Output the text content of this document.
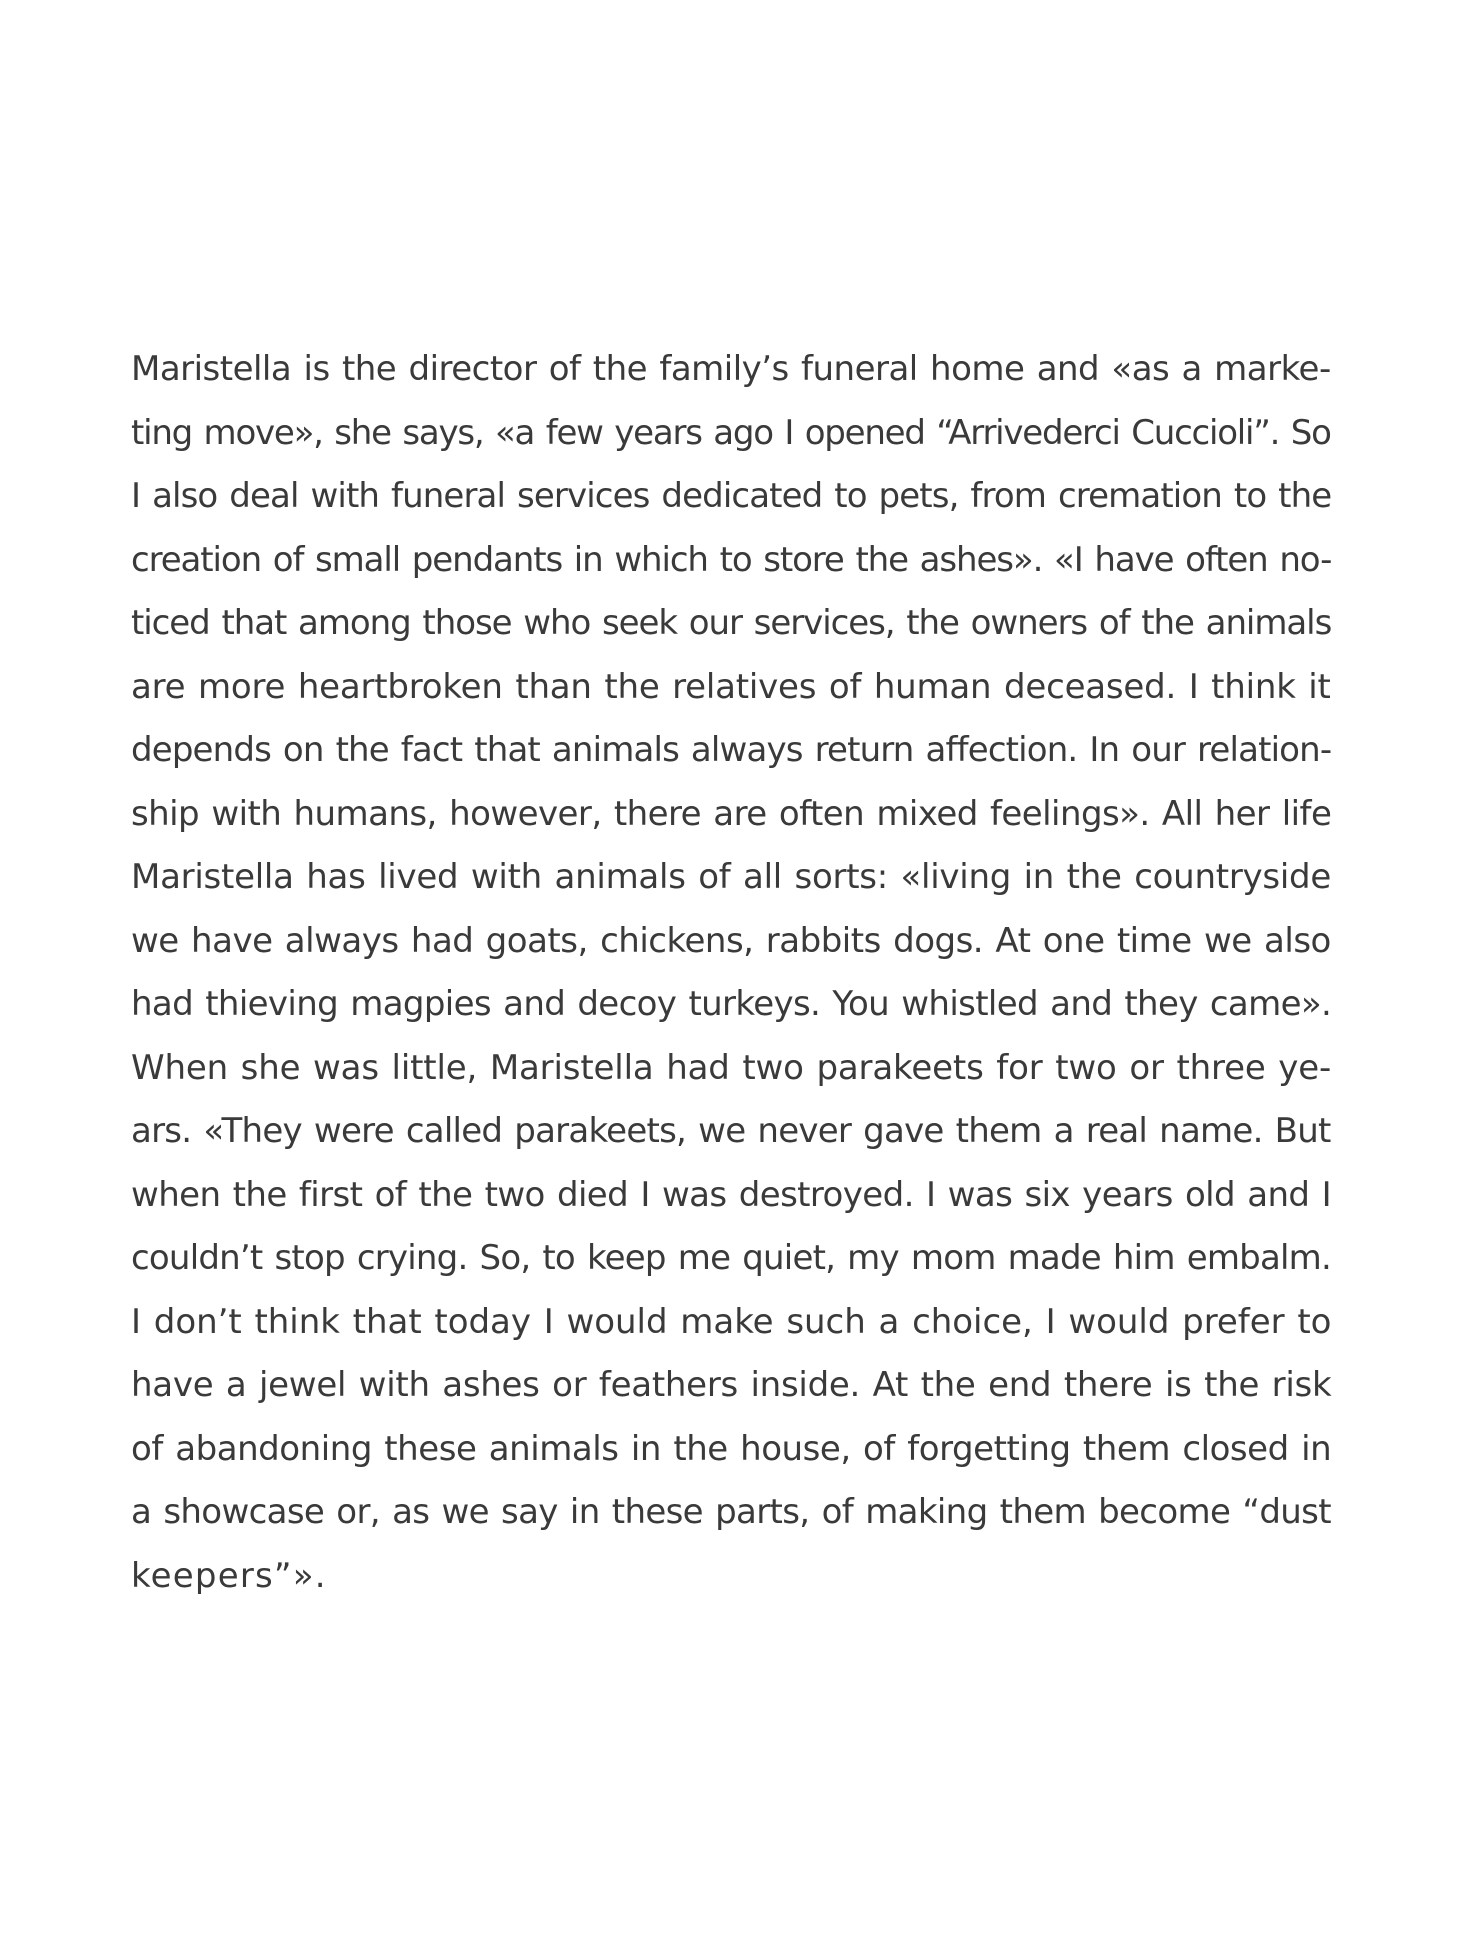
Maristella is the director of the family’s funeral home and «as a marke-
ting move», she says, «a few years ago I opened “Arrivederci Cuccioli”. So
I also deal with funeral services dedicated to pets, from cremation to the
creation of small pendants in which to store the ashes». «I have often no-
ticed that among those who seek our services, the owners of the animals
are more heartbroken than the relatives of human deceased. I think it
depends on the fact that animals always return affection. In our relation-
ship with humans, however, there are often mixed feelings». All her life
Maristella has lived with animals of all sorts: «living in the countryside
we have always had goats, chickens, rabbits dogs. At one time we also
had thieving magpies and decoy turkeys. You whistled and they came».
When she was little, Maristella had two parakeets for two or three ye-
ars. «They were called parakeets, we never gave them a real name. But
when the first of the two died I was destroyed. I was six years old and I
couldn’t stop crying. So, to keep me quiet, my mom made him embalm.
I don’t think that today I would make such a choice, I would prefer to
have a jewel with ashes or feathers inside. At the end there is the risk
of abandoning these animals in the house, of forgetting them closed in
a showcase or, as we say in these parts, of making them become “dust
keepers”».
